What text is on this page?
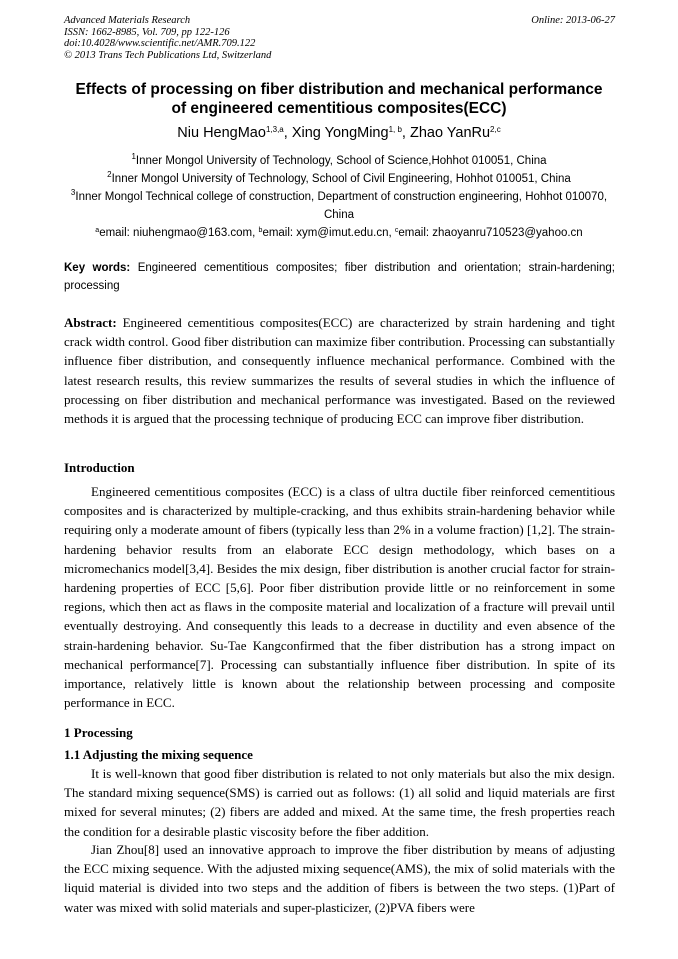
Advanced Materials Research
ISSN: 1662-8985, Vol. 709, pp 122-126
doi:10.4028/www.scientific.net/AMR.709.122
© 2013 Trans Tech Publications Ltd, Switzerland
Online: 2013-06-27
Effects of processing on fiber distribution and mechanical performance
of engineered cementitious composites(ECC)
Niu HengMao$^{1,3,a}$, Xing YongMing$^{1, b}$, Zhao YanRu$^{2,c}$
$^1$Inner Mongol University of Technology, School of Science,Hohhot 010051, China
$^2$Inner Mongol University of Technology, School of Civil Engineering, Hohhot 010051, China
$^3$Inner Mongol Technical college of construction, Department of construction engineering, Hohhot 010070, China
$^a$email: niuhengmao@163.com, $^b$email: xym@imut.edu.cn, $^c$email: zhaoyanru710523@yahoo.cn
Key words: Engineered cementitious composites; fiber distribution and orientation; strain-hardening; processing
Abstract: Engineered cementitious composites(ECC) are characterized by strain hardening and tight crack width control. Good fiber distribution can maximize fiber contribution. Processing can substantially influence fiber distribution, and consequently influence mechanical performance. Combined with the latest research results, this review summarizes the results of several studies in which the influence of processing on fiber distribution and mechanical performance was investigated. Based on the reviewed methods it is argued that the processing technique of producing ECC can improve fiber distribution.
Introduction

Engineered cementitious composites (ECC) is a class of ultra ductile fiber reinforced cementitious composites and is characterized by multiple-cracking, and thus exhibits strain-hardening behavior while requiring only a moderate amount of fibers (typically less than 2% in a volume fraction) [1,2]. The strain-hardening behavior results from an elaborate ECC design methodology, which bases on a micromechanics model[3,4]. Besides the mix design, fiber distribution is another crucial factor for strain-hardening properties of ECC [5,6]. Poor fiber distribution provide little or no reinforcement in some regions, which then act as flaws in the composite material and localization of a fracture will prevail until eventually destroying. And consequently this leads to a decrease in ductility and even absence of the strain-hardening behavior. Su-Tae Kangconfirmed that the fiber distribution has a strong impact on mechanical performance[7]. Processing can substantially influence fiber distribution. In spite of its importance, relatively little is known about the relationship between processing and composite performance in ECC.

1 Processing
1.1 Adjusting the mixing sequence

It is well-known that good fiber distribution is related to not only materials but also the mix design. The standard mixing sequence(SMS) is carried out as follows: (1) all solid and liquid materials are first mixed for several minutes; (2) fibers are added and mixed. At the same time, the fresh properties reach the condition for a desirable plastic viscosity before the fiber addition.

Jian Zhou[8] used an innovative approach to improve the fiber distribution by means of adjusting the ECC mixing sequence. With the adjusted mixing sequence(AMS), the mix of solid materials with the liquid material is divided into two steps and the addition of fibers is between the two steps. (1)Part of water was mixed with solid materials and super-plasticizer, (2)PVA fibers were
